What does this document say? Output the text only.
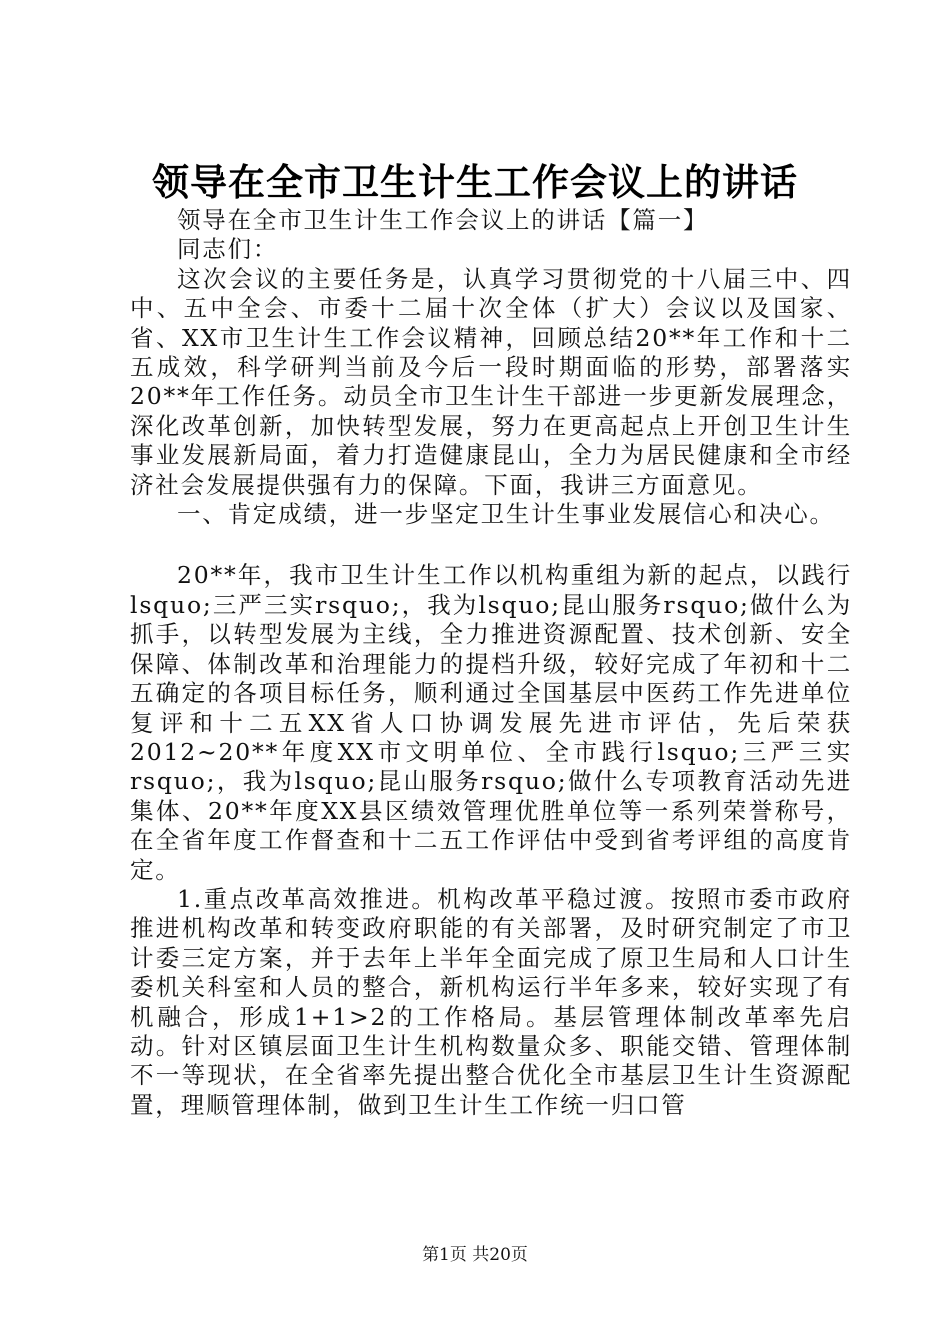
领导在全市卫生计生工作会议上的讲话

领导在全市卫生计生工作会议上的讲话【篇一】

同志们：

这次会议的主要任务是，认真学习贯彻党的十八届三中、四中、五中全会、市委十二届十次全体（扩大）会议以及国家、省、XX市卫生计生工作会议精神，回顾总结20**年工作和十二五成效，科学研判当前及今后一段时期面临的形势，部署落实20**年工作任务。动员全市卫生计生干部进一步更新发展理念，深化改革创新，加快转型发展，努力在更高起点上开创卫生计生事业发展新局面，着力打造健康昆山，全力为居民健康和全市经济社会发展提供强有力的保障。下面，我讲三方面意见。

一、肯定成绩，进一步坚定卫生计生事业发展信心和决心。

20**年，我市卫生计生工作以机构重组为新的起点，以践行lsquo;三严三实rsquo;，我为lsquo;昆山服务rsquo;做什么为抓手，以转型发展为主线，全力推进资源配置、技术创新、安全保障、体制改革和治理能力的提档升级，较好完成了年初和十二五确定的各项目标任务，顺利通过全国基层中医药工作先进单位复评和十二五XX省人口协调发展先进市评估，先后荣获2012~20**年度XX市文明单位、全市践行lsquo;三严三实rsquo;，我为lsquo;昆山服务rsquo;做什么专项教育活动先进集体、20**年度XX县区绩效管理优胜单位等一系列荣誉称号，在全省年度工作督查和十二五工作评估中受到省考评组的高度肯定。

1.重点改革高效推进。机构改革平稳过渡。按照市委市政府推进机构改革和转变政府职能的有关部署，及时研究制定了市卫计委三定方案，并于去年上半年全面完成了原卫生局和人口计生委机关科室和人员的整合，新机构运行半年多来，较好实现了有机融合，形成1+1>2的工作格局。基层管理体制改革率先启动。针对区镇层面卫生计生机构数量众多、职能交错、管理体制不一等现状，在全省率先提出整合优化全市基层卫生计生资源配置，理顺管理体制，做到卫生计生工作统一归口管

第1页 共20页
